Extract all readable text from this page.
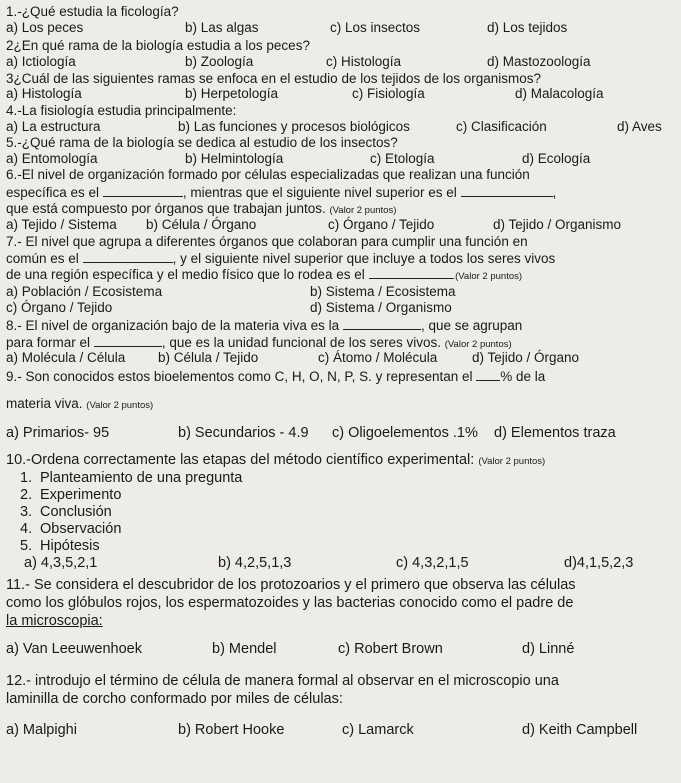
1.-¿Qué estudia la ficología?
a) Los peces	b) Las algas	c) Los insectos	d) Los tejidos
2¿En qué rama de la biología estudia a los peces?
a) Ictiología	b) Zoología	c) Histología	d) Mastozoología
3¿Cuál de las siguientes ramas se enfoca en el estudio de los tejidos de los organismos?
a) Histología	b) Herpetología	c) Fisiología	d) Malacología
4.-La fisiología estudia principalmente:
a) La estructura	b) Las funciones y procesos biológicos	c) Clasificación	d) Aves
5.-¿Qué rama de la biología se dedica al estudio de los insectos?
a) Entomología	b) Helmintología	c) Etología	d) Ecología
6.-El nivel de organización formado por células especializadas que realizan una función
específica es el	, mientras que el siguiente nivel superior es el	,
que está compuesto por órganos que trabajan juntos. (Valor 2 puntos)
a) Tejido / Sistema b) Célula / Órgano	c) Órgano / Tejido	d) Tejido / Organismo
7.- El nivel que agrupa a diferentes órganos que colaboran para cumplir una función en
común es el	, y el siguiente nivel superior que incluye a todos los seres vivos
de una región específica y el medio físico que lo rodea es el	.(Valor 2 puntos)
a) Población / Ecosistema	b) Sistema / Ecosistema
c) Órgano / Tejido	d) Sistema / Organismo
8.- El nivel de organización bajo de la materia viva es la	, que se agrupan
para formar el	, que es la unidad funcional de los seres vivos. (Valor 2 puntos)
a) Molécula / Célula b) Célula / Tejido	c) Átomo / Molécula	d) Tejido / Órgano
9.- Son conocidos estos bioelementos como C, H, O, N, P, S. y representan el % de la
materia viva. (Valor 2 puntos)
a) Primarios- 95	b) Secundarios - 4.9 c) Oligoelementos .1% d) Elementos traza
10.-Ordena correctamente las etapas del método científico experimental: (Valor 2 puntos)
1. Planteamiento de una pregunta
2. Experimento
3. Conclusión
4. Observación
5. Hipótesis
a) 4,3,5,2,1	b) 4,2,5,1,3	c) 4,3,2,1,5	d)4,1,5,2,3
11.- Se considera el descubridor de los protozoarios y el primero que observa las células
como los glóbulos rojos, los espermatozoides y las bacterias conocido como el padre de
la microscopia:
a) Van Leeuwenhoek	b) Mendel	c) Robert Brown	d) Linné
12.- introdujo el término de célula de manera formal al observar en el microscopio una
laminilla de corcho conformado por miles de células:
a) Malpighi	b) Robert Hooke	c) Lamarck	d) Keith Campbell
